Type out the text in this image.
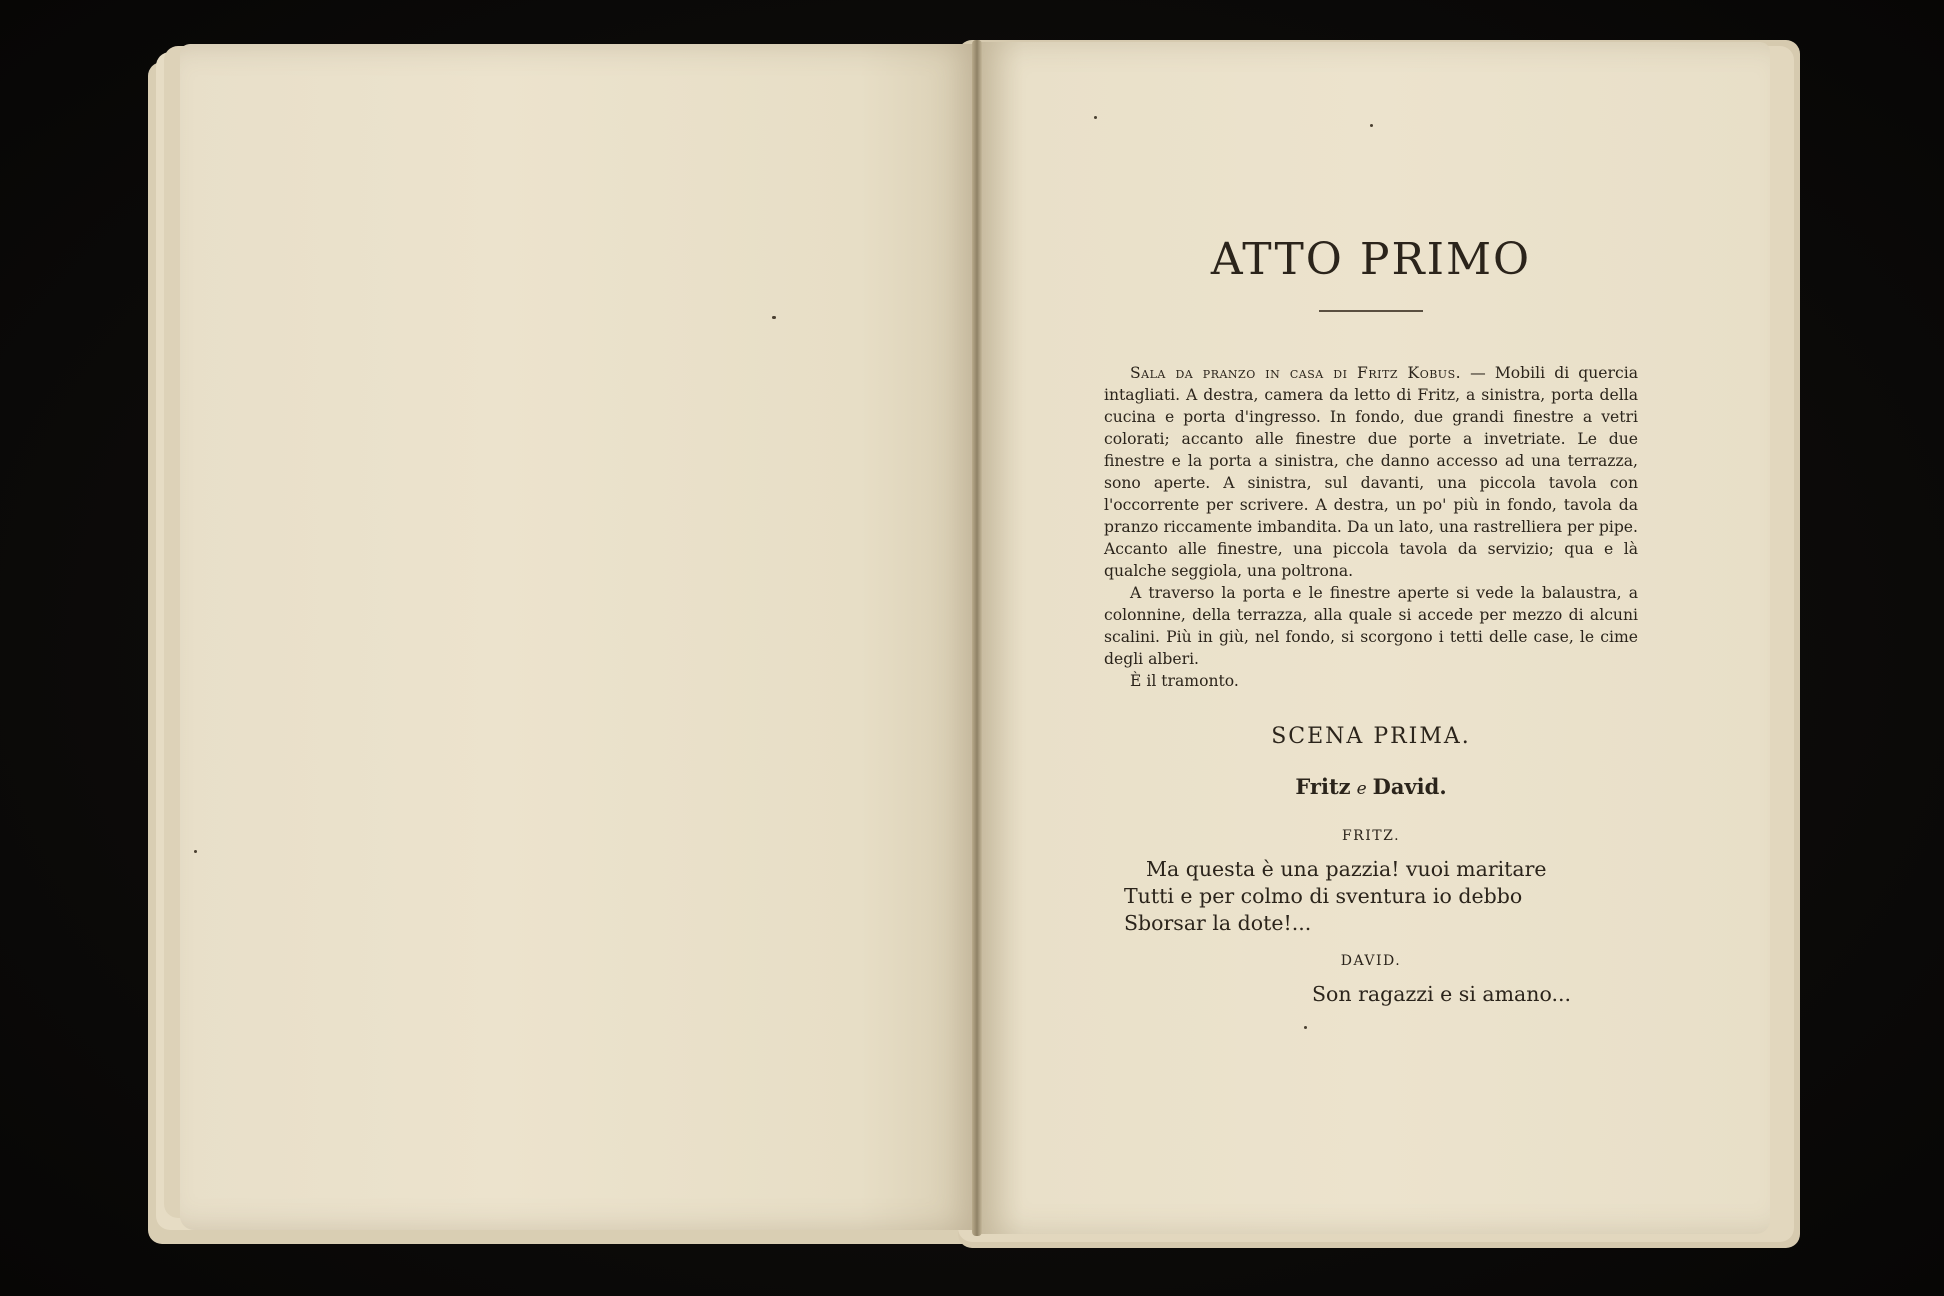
ATTO PRIMO

Sala da pranzo in casa di Fritz Kobus. — Mobili di quercia intagliati. A destra, camera da letto di Fritz, a sinistra, porta della cucina e porta d'ingresso. In fondo, due grandi finestre a vetri colorati; accanto alle finestre due porte a invetriate. Le due finestre e la porta a sinistra, che danno accesso ad una terrazza, sono aperte. A sinistra, sul davanti, una piccola tavola con l'occorrente per scrivere. A destra, un po' più in fondo, tavola da pranzo riccamente imbandita. Da un lato, una rastrelliera per pipe. Accanto alle finestre, una piccola tavola da servizio; qua e là qualche seggiola, una poltrona.

A traverso la porta e le finestre aperte si vede la balaustra, a colonnine, della terrazza, alla quale si accede per mezzo di alcuni scalini. Più in giù, nel fondo, si scorgono i tetti delle case, le cime degli alberi.

È il tramonto.

SCENA PRIMA.
Fritz e David.
FRITZ.
Ma questa è una pazzia! vuoi maritare
Tutti e per colmo di sventura io debbo
Sborsar la dote!...
DAVID.
Son ragazzi e si amano...
